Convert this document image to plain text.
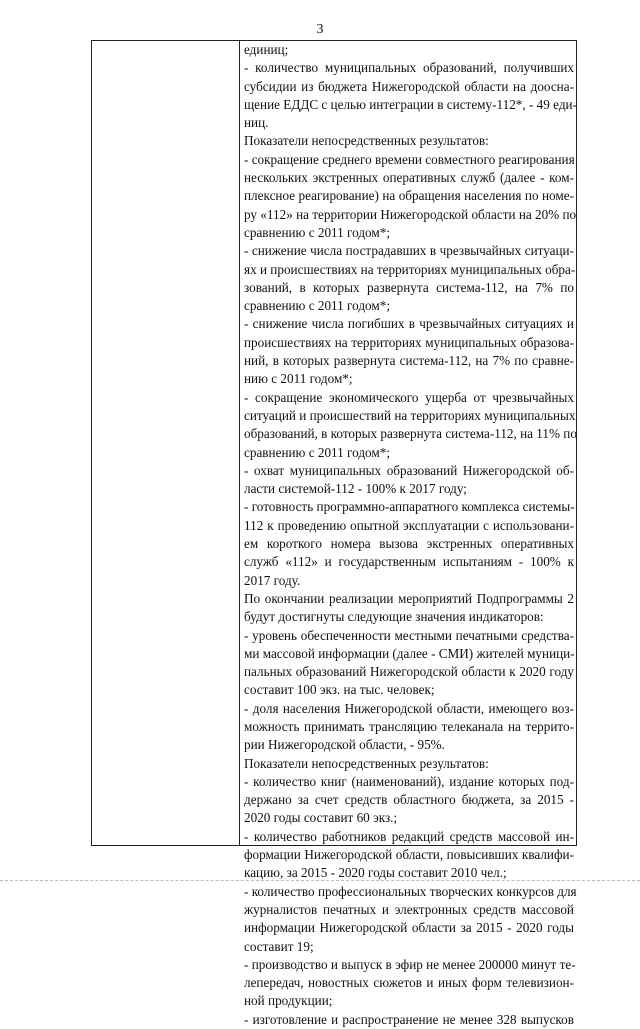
3
единиц;
- количество муниципальных образований, получивших
субсидии из бюджета Нижегородской области на доосна-
щение ЕДДС с целью интеграции в систему-112*, - 49 еди-
ниц.
Показатели непосредственных результатов:
- сокращение среднего времени совместного реагирования
нескольких экстренных оперативных служб (далее - ком-
плексное реагирование) на обращения населения по номе-
ру «112» на территории Нижегородской области на 20% по
сравнению с 2011 годом*;
- снижение числа пострадавших в чрезвычайных ситуаци-
ях и происшествиях на территориях муниципальных обра-
зований, в которых развернута система-112, на 7% по
сравнению с 2011 годом*;
- снижение числа погибших в чрезвычайных ситуациях и
происшествиях на территориях муниципальных образова-
ний, в которых развернута система-112, на 7% по сравне-
нию с 2011 годом*;
- сокращение экономического ущерба от чрезвычайных
ситуаций и происшествий на территориях муниципальных
образований, в которых развернута система-112, на 11% по
сравнению с 2011 годом*;
- охват муниципальных образований Нижегородской об-
ласти системой-112 - 100% к 2017 году;
- готовность программно-аппаратного комплекса системы-
112 к проведению опытной эксплуатации с использовани-
ем короткого номера вызова экстренных оперативных
служб «112» и государственным испытаниям - 100% к
2017 году.
По окончании реализации мероприятий Подпрограммы 2
будут достигнуты следующие значения индикаторов:
- уровень обеспеченности местными печатными средства-
ми массовой информации (далее - СМИ) жителей муници-
пальных образований Нижегородской области к 2020 году
составит 100 экз. на тыс. человек;
- доля населения Нижегородской области, имеющего воз-
можность принимать трансляцию телеканала на террито-
рии Нижегородской области, - 95%.
Показатели непосредственных результатов:
- количество книг (наименований), издание которых под-
держано за счет средств областного бюджета, за 2015 -
2020 годы составит 60 экз.;
- количество работников редакций средств массовой ин-
формации Нижегородской области, повысивших квалифи-
кацию, за 2015 - 2020 годы составит 2010 чел.;
- количество профессиональных творческих конкурсов для
журналистов печатных и электронных средств массовой
информации Нижегородской области за 2015 - 2020 годы
составит 19;
- производство и выпуск в эфир не менее 200000 минут те-
лепередач, новостных сюжетов и иных форм телевизион-
ной продукции;
- изготовление и распространение не менее 328 выпусков
